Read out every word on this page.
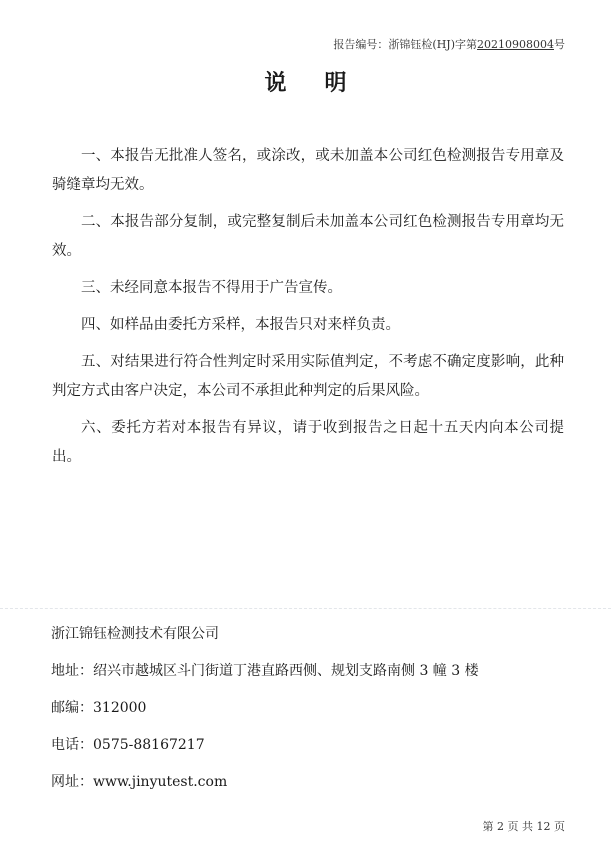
报告编号：浙锦钰检(HJ)字第20210908004号
说明

一、本报告无批准人签名，或涂改，或未加盖本公司红色检测报告专用章及骑缝章均无效。

二、本报告部分复制，或完整复制后未加盖本公司红色检测报告专用章均无效。

三、未经同意本报告不得用于广告宣传。

四、如样品由委托方采样，本报告只对来样负责。

五、对结果进行符合性判定时采用实际值判定，不考虑不确定度影响，此种判定方式由客户决定，本公司不承担此种判定的后果风险。

六、委托方若对本报告有异议，请于收到报告之日起十五天内向本公司提出。

浙江锦钰检测技术有限公司
地址：绍兴市越城区斗门街道丁港直路西侧、规划支路南侧 3 幢 3 楼
邮编：312000
电话：0575-88167217
网址：www.jinyutest.com
第 2 页 共 12 页
